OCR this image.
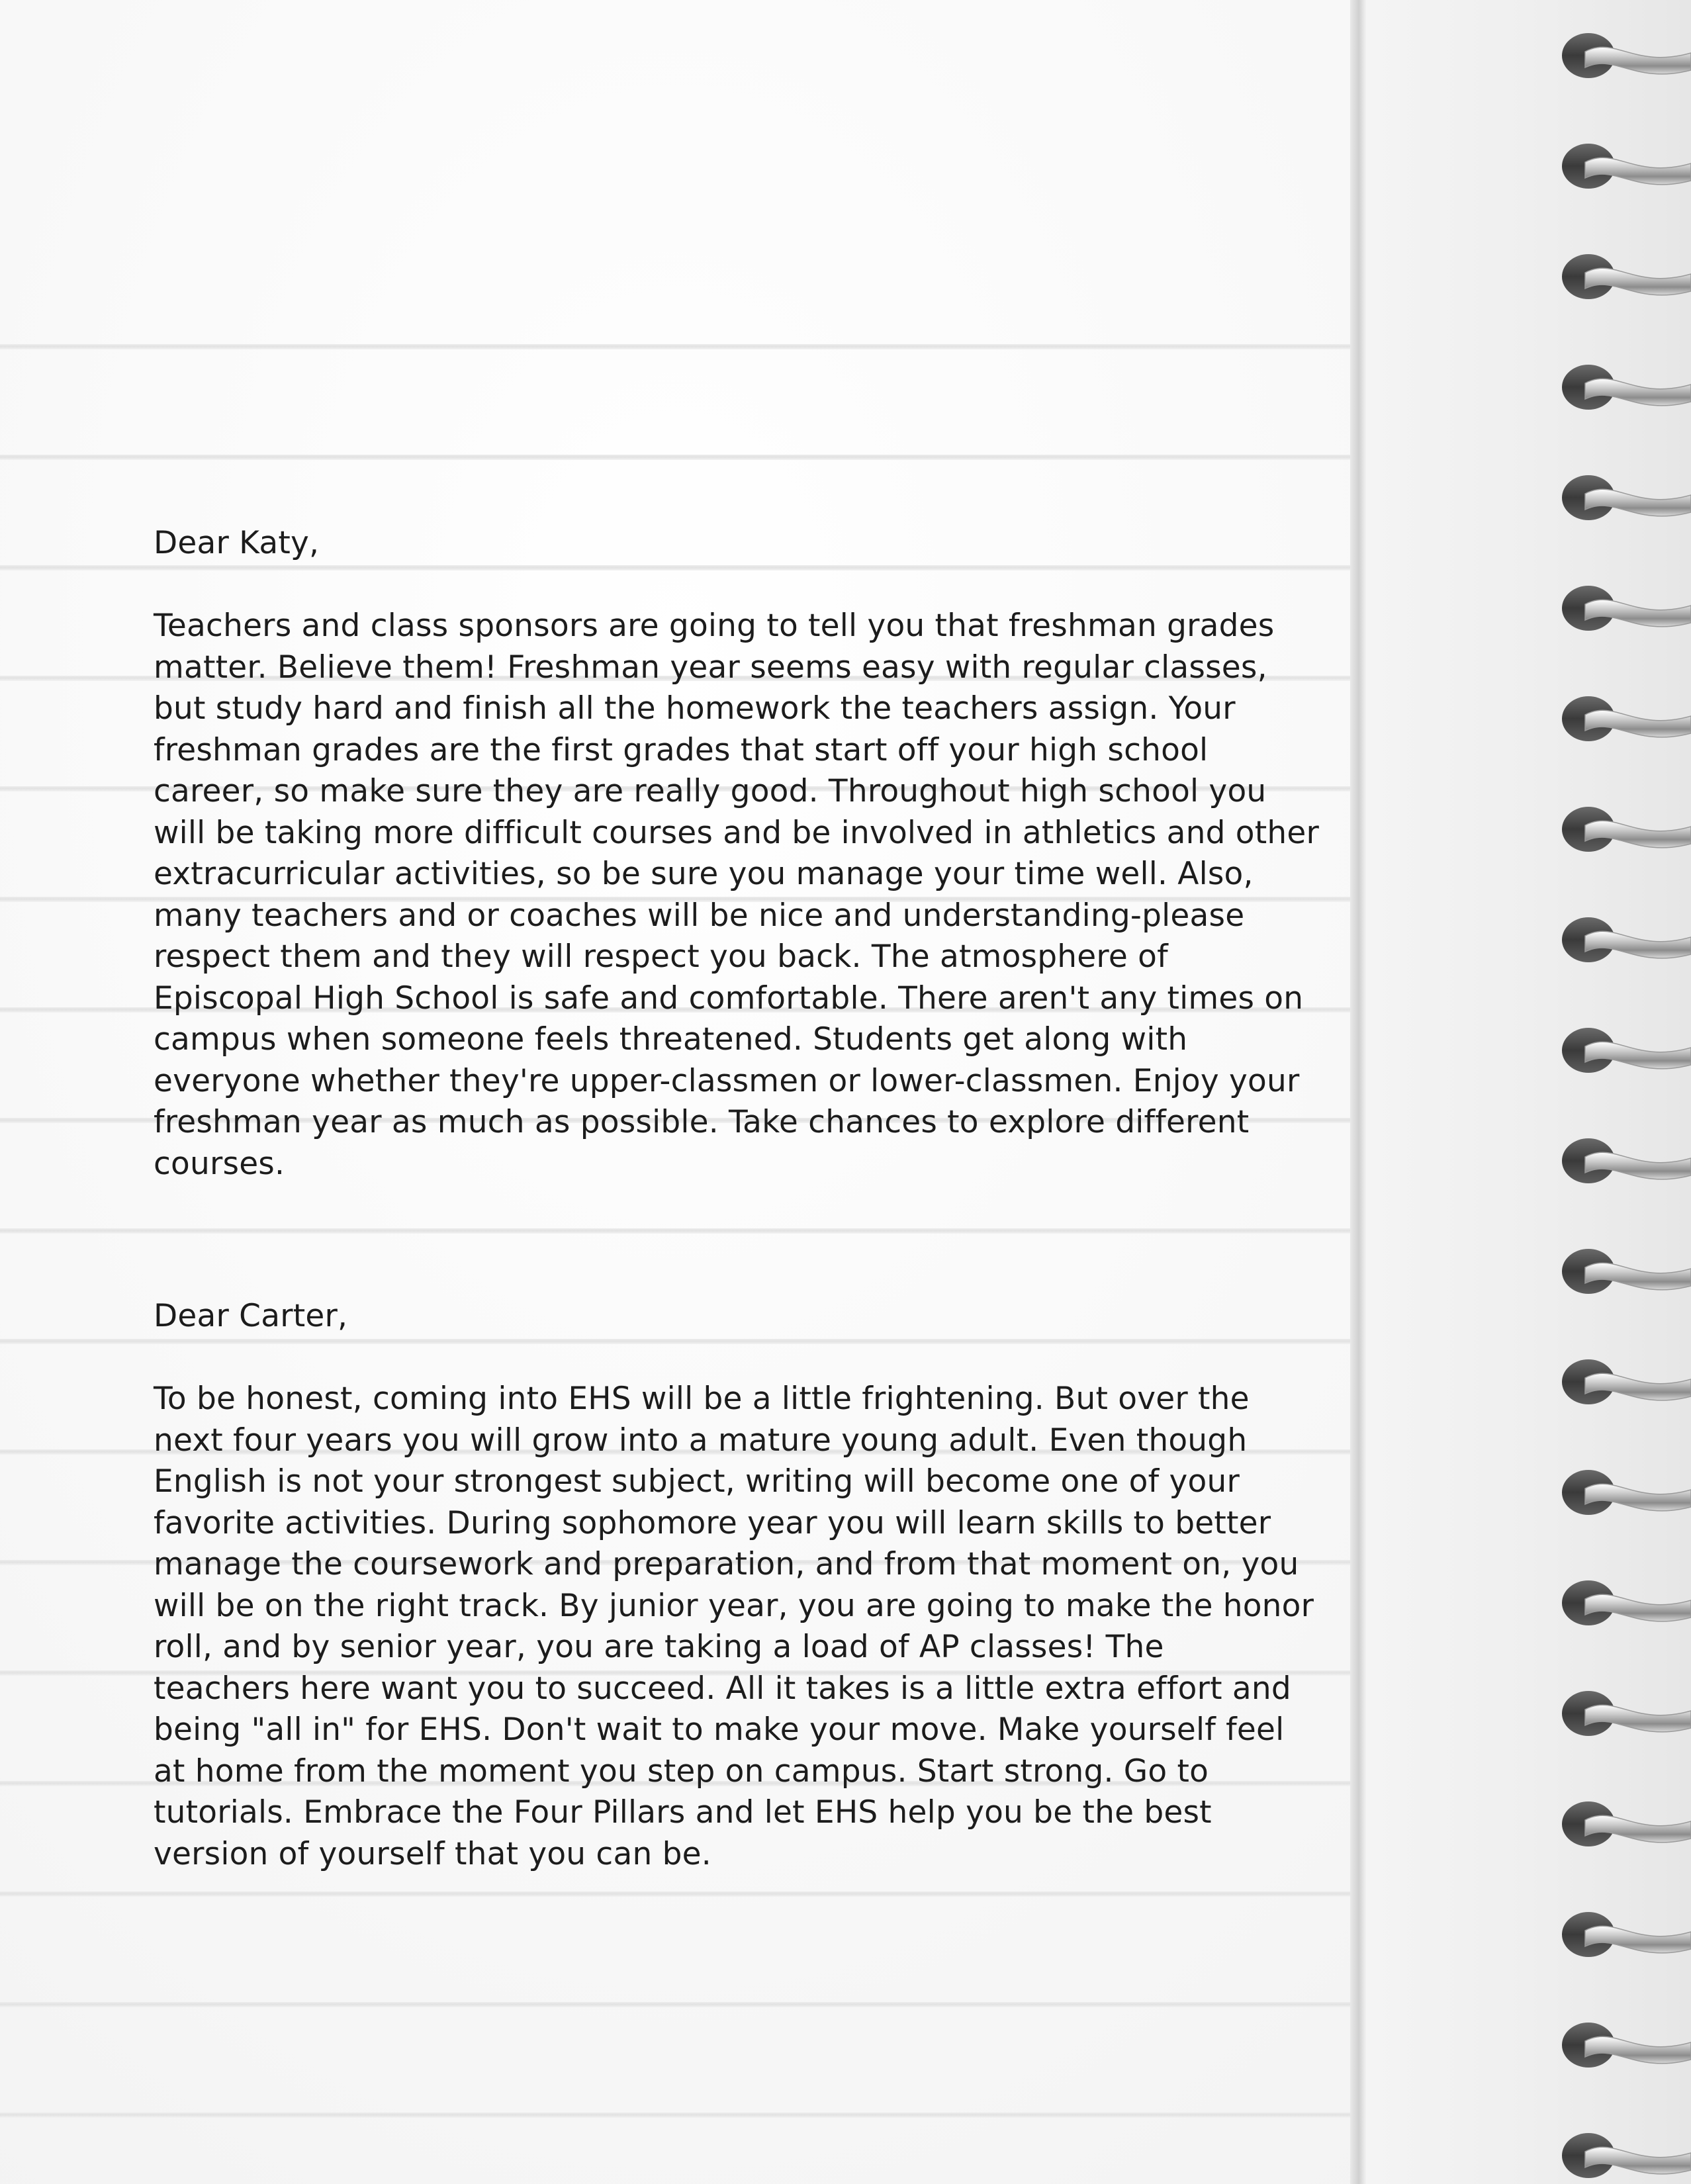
Dear Katy,
Teachers and class sponsors are going to tell you that freshman grades
matter. Believe them! Freshman year seems easy with regular classes,
but study hard and finish all the homework the teachers assign. Your
freshman grades are the first grades that start off your high school
career, so make sure they are really good. Throughout high school you
will be taking more difficult courses and be involved in athletics and other
extracurricular activities, so be sure you manage your time well. Also,
many teachers and or coaches will be nice and understanding-please
respect them and they will respect you back. The atmosphere of
Episcopal High School is safe and comfortable. There aren't any times on
campus when someone feels threatened. Students get along with
everyone whether they're upper-classmen or lower-classmen. Enjoy your
freshman year as much as possible. Take chances to explore different
courses.
Dear Carter,
To be honest, coming into EHS will be a little frightening. But over the
next four years you will grow into a mature young adult. Even though
English is not your strongest subject, writing will become one of your
favorite activities. During sophomore year you will learn skills to better
manage the coursework and preparation, and from that moment on, you
will be on the right track. By junior year, you are going to make the honor
roll, and by senior year, you are taking a load of AP classes! The
teachers here want you to succeed. All it takes is a little extra effort and
being "all in" for EHS. Don't wait to make your move. Make yourself feel
at home from the moment you step on campus. Start strong. Go to
tutorials. Embrace the Four Pillars and let EHS help you be the best
version of yourself that you can be.
